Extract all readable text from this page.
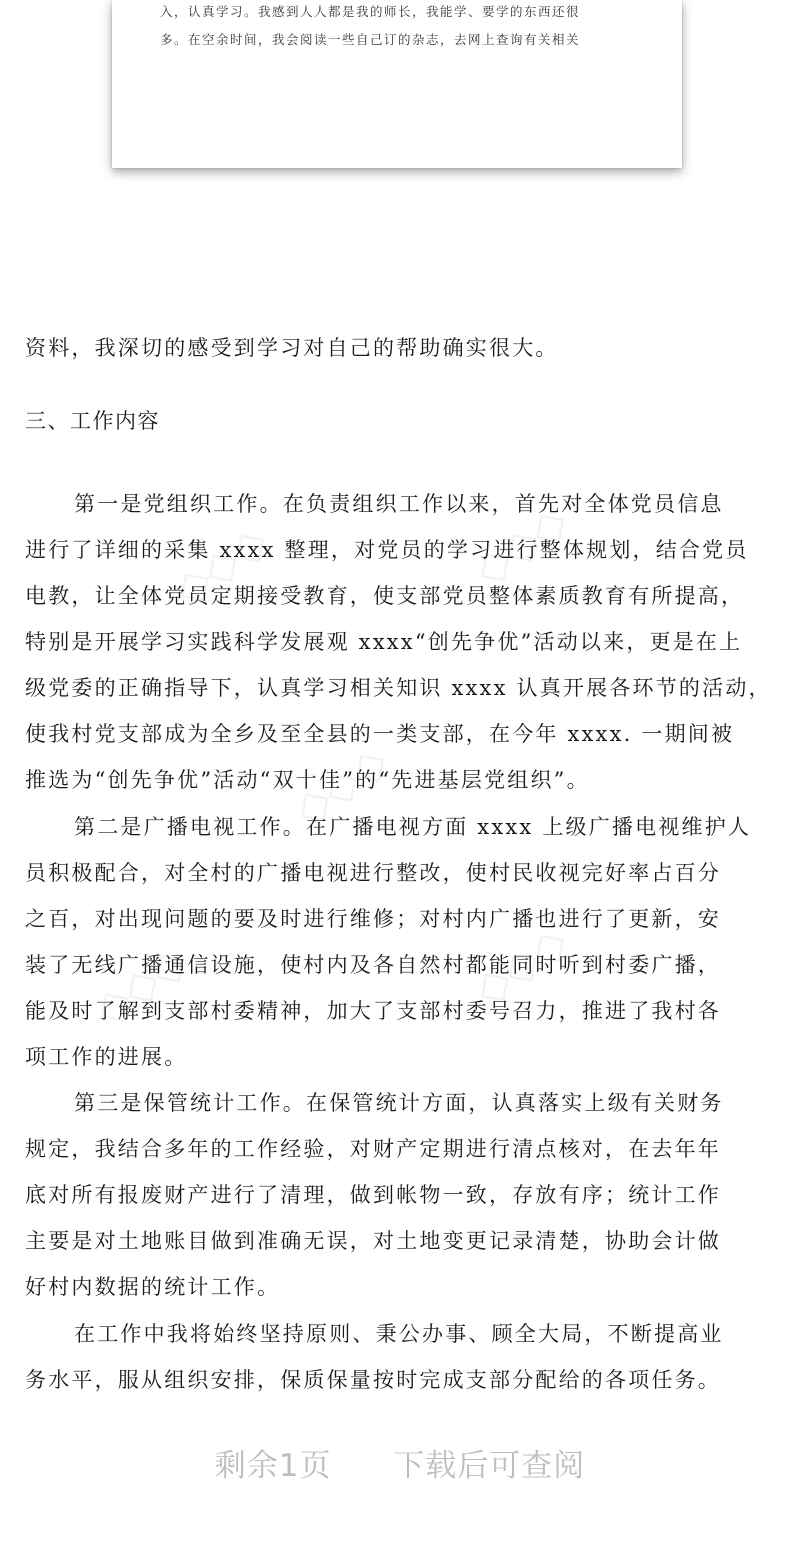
入，认真学习。我感到人人都是我的师长，我能学、要学的东西还很
多。在空余时间，我会阅读一些自己订的杂志，去网上查询有关相关
资料，我深切的感受到学习对自己的帮助确实很大。
三、工作内容
第一是党组织工作。在负责组织工作以来，首先对全体党员信息
进行了详细的采集 xxxx 整理，对党员的学习进行整体规划，结合党员
电教，让全体党员定期接受教育，使支部党员整体素质教育有所提高，
特别是开展学习实践科学发展观 xxxx“创先争优”活动以来，更是在上
级党委的正确指导下，认真学习相关知识 xxxx 认真开展各环节的活动，
使我村党支部成为全乡及至全县的一类支部，在今年 xxxx. 一期间被
推选为“创先争优”活动“双十佳”的“先进基层党组织”。
第二是广播电视工作。在广播电视方面 xxxx 上级广播电视维护人
员积极配合，对全村的广播电视进行整改，使村民收视完好率占百分
之百，对出现问题的要及时进行维修；对村内广播也进行了更新，安
装了无线广播通信设施，使村内及各自然村都能同时听到村委广播，
能及时了解到支部村委精神，加大了支部村委号召力，推进了我村各
项工作的进展。
第三是保管统计工作。在保管统计方面，认真落实上级有关财务
规定，我结合多年的工作经验，对财产定期进行清点核对，在去年年
底对所有报废财产进行了清理，做到帐物一致，存放有序；统计工作
主要是对土地账目做到准确无误，对土地变更记录清楚，协助会计做
好村内数据的统计工作。
在工作中我将始终坚持原则、秉公办事、顾全大局，不断提高业
务水平，服从组织安排，保质保量按时完成支部分配给的各项任务。
◇◇◇	◇◇◇
◇◇◇
◇◇◇	◇◇◇
剩余1页 下载后可查阅
